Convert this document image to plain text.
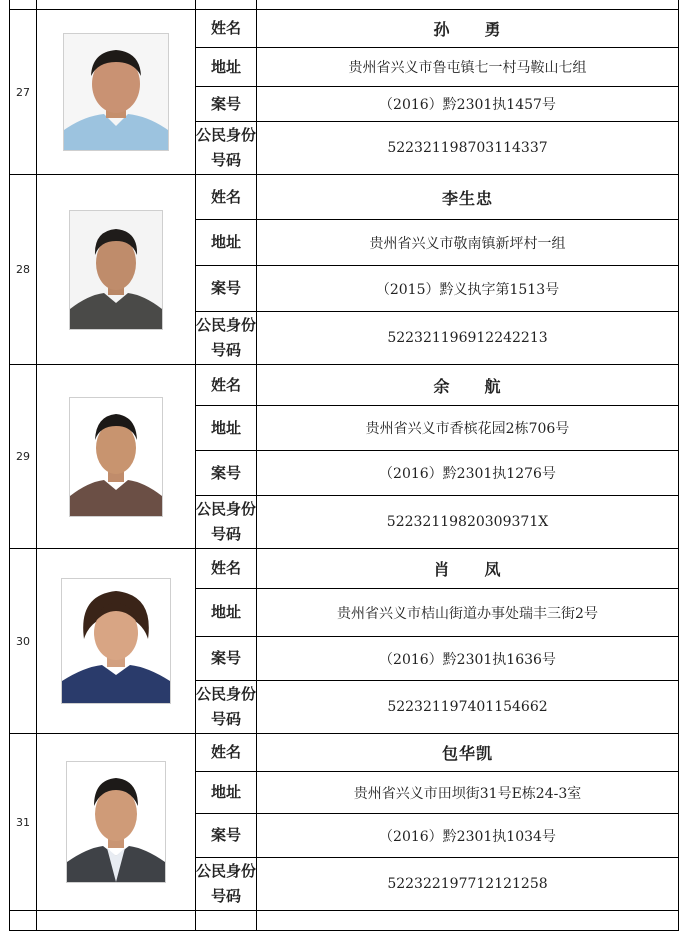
27		姓名	孙　　勇
		地址	贵州省兴义市鲁屯镇七一村马鞍山七组
		案号	（2016）黔2301执1457号
		公民身份号码	522321198703114337
28		姓名	李生忠
		地址	贵州省兴义市敬南镇新坪村一组
		案号	（2015）黔义执字第1513号
		公民身份号码	522321196912242213
29		姓名	余　　航
		地址	贵州省兴义市香槟花园2栋706号
		案号	（2016）黔2301执1276号
		公民身份号码	52232119820309371X
30		姓名	肖　　凤
		地址	贵州省兴义市桔山街道办事处瑞丰三街2号
		案号	（2016）黔2301执1636号
		公民身份号码	522321197401154662
31		姓名	包华凯
		地址	贵州省兴义市田坝街31号E栋24-3室
		案号	（2016）黔2301执1034号
		公民身份号码	522322197712121258
